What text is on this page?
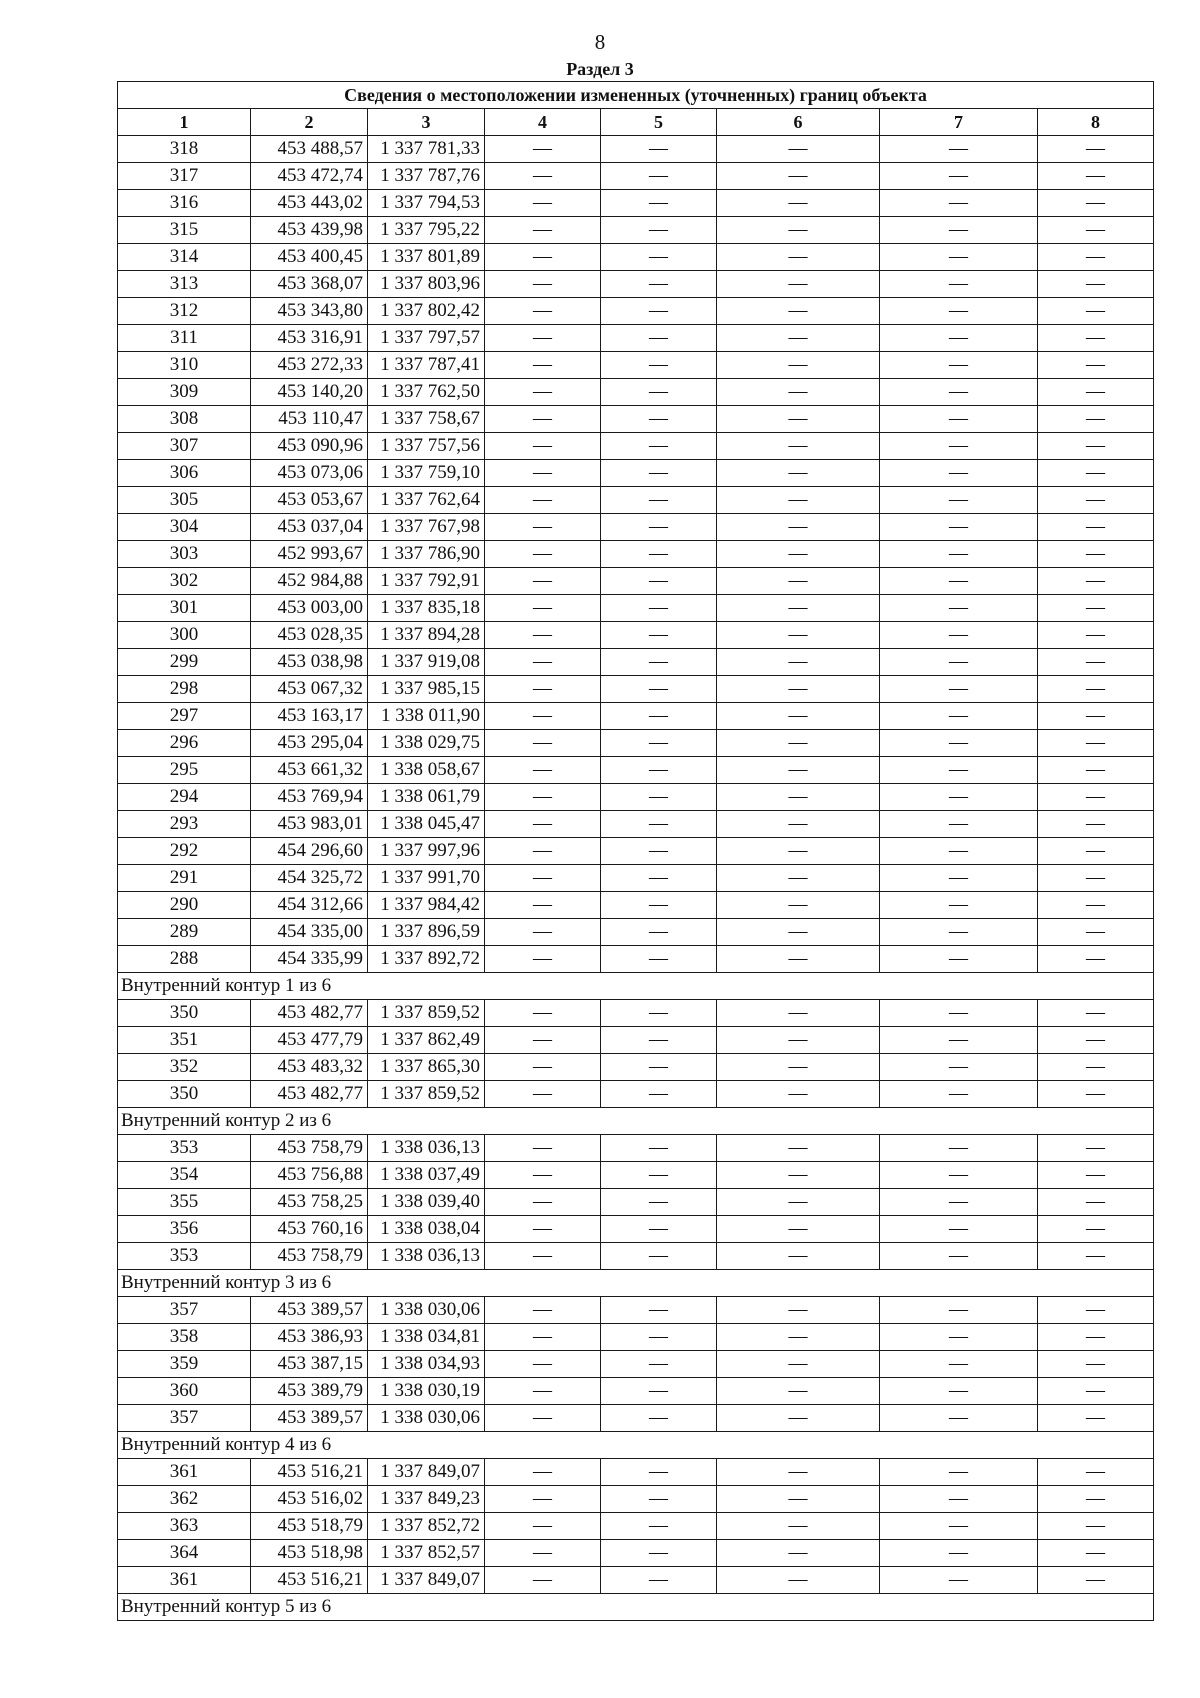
8
Раздел 3
Сведения о местоположении измененных (уточненных) границ объекта							
1	2	3	4	5	6	7	8
318	453 488,57	1 337 781,33	—	—	—	—	—
317	453 472,74	1 337 787,76	—	—	—	—	—
316	453 443,02	1 337 794,53	—	—	—	—	—
315	453 439,98	1 337 795,22	—	—	—	—	—
314	453 400,45	1 337 801,89	—	—	—	—	—
313	453 368,07	1 337 803,96	—	—	—	—	—
312	453 343,80	1 337 802,42	—	—	—	—	—
311	453 316,91	1 337 797,57	—	—	—	—	—
310	453 272,33	1 337 787,41	—	—	—	—	—
309	453 140,20	1 337 762,50	—	—	—	—	—
308	453 110,47	1 337 758,67	—	—	—	—	—
307	453 090,96	1 337 757,56	—	—	—	—	—
306	453 073,06	1 337 759,10	—	—	—	—	—
305	453 053,67	1 337 762,64	—	—	—	—	—
304	453 037,04	1 337 767,98	—	—	—	—	—
303	452 993,67	1 337 786,90	—	—	—	—	—
302	452 984,88	1 337 792,91	—	—	—	—	—
301	453 003,00	1 337 835,18	—	—	—	—	—
300	453 028,35	1 337 894,28	—	—	—	—	—
299	453 038,98	1 337 919,08	—	—	—	—	—
298	453 067,32	1 337 985,15	—	—	—	—	—
297	453 163,17	1 338 011,90	—	—	—	—	—
296	453 295,04	1 338 029,75	—	—	—	—	—
295	453 661,32	1 338 058,67	—	—	—	—	—
294	453 769,94	1 338 061,79	—	—	—	—	—
293	453 983,01	1 338 045,47	—	—	—	—	—
292	454 296,60	1 337 997,96	—	—	—	—	—
291	454 325,72	1 337 991,70	—	—	—	—	—
290	454 312,66	1 337 984,42	—	—	—	—	—
289	454 335,00	1 337 896,59	—	—	—	—	—
288	454 335,99	1 337 892,72	—	—	—	—	—
Внутренний контур 1 из 6							
350	453 482,77	1 337 859,52	—	—	—	—	—
351	453 477,79	1 337 862,49	—	—	—	—	—
352	453 483,32	1 337 865,30	—	—	—	—	—
350	453 482,77	1 337 859,52	—	—	—	—	—
Внутренний контур 2 из 6							
353	453 758,79	1 338 036,13	—	—	—	—	—
354	453 756,88	1 338 037,49	—	—	—	—	—
355	453 758,25	1 338 039,40	—	—	—	—	—
356	453 760,16	1 338 038,04	—	—	—	—	—
353	453 758,79	1 338 036,13	—	—	—	—	—
Внутренний контур 3 из 6							
357	453 389,57	1 338 030,06	—	—	—	—	—
358	453 386,93	1 338 034,81	—	—	—	—	—
359	453 387,15	1 338 034,93	—	—	—	—	—
360	453 389,79	1 338 030,19	—	—	—	—	—
357	453 389,57	1 338 030,06	—	—	—	—	—
Внутренний контур 4 из 6							
361	453 516,21	1 337 849,07	—	—	—	—	—
362	453 516,02	1 337 849,23	—	—	—	—	—
363	453 518,79	1 337 852,72	—	—	—	—	—
364	453 518,98	1 337 852,57	—	—	—	—	—
361	453 516,21	1 337 849,07	—	—	—	—	—
Внутренний контур 5 из 6							
